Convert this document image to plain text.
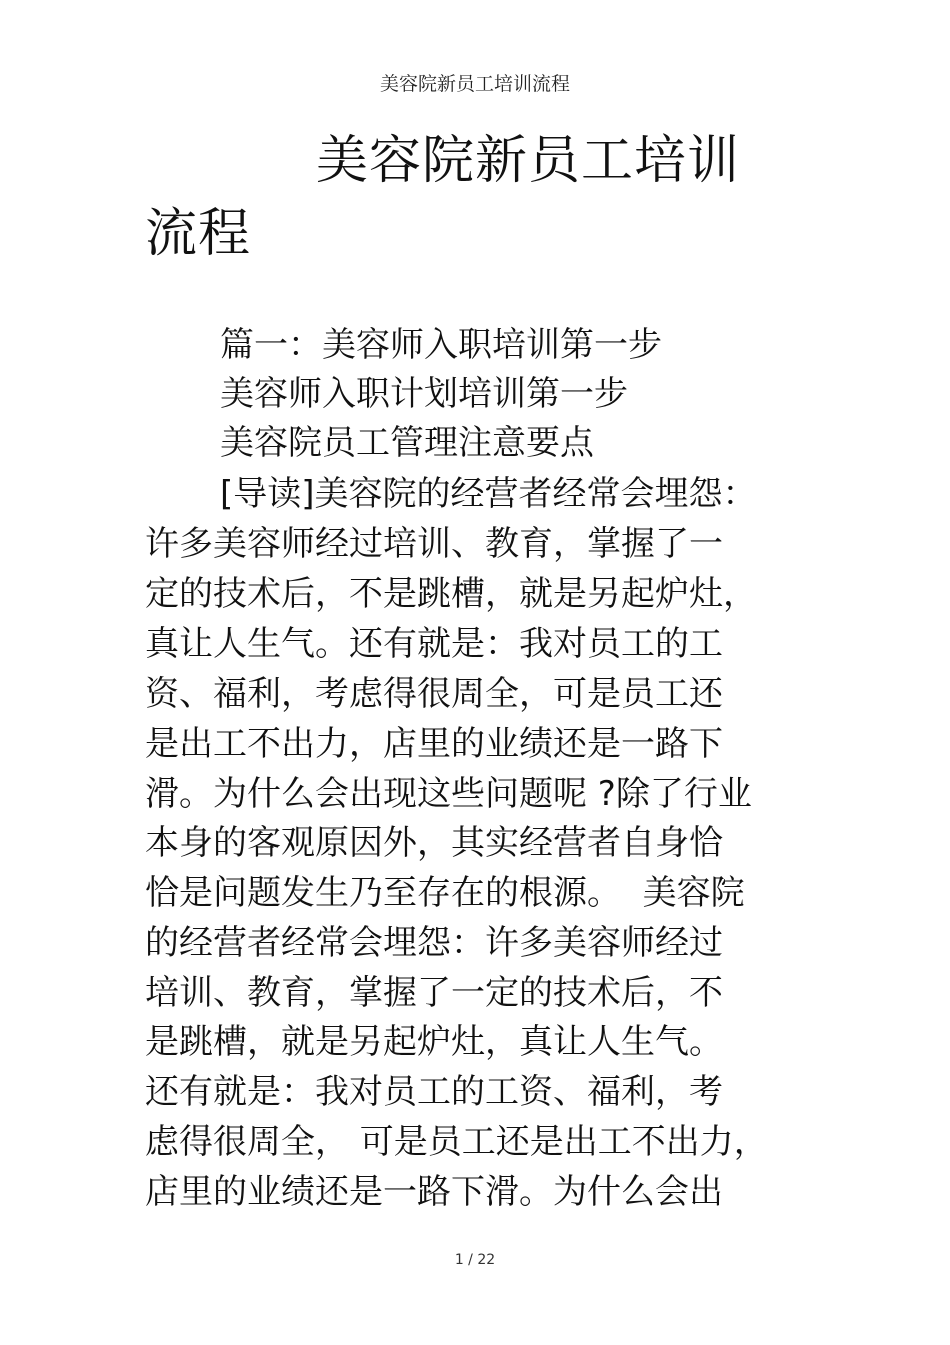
美容院新员工培训流程
美容院新员工培训
流程
篇一：美容师入职培训第一步
美容师入职计划培训第一步
美容院员工管理注意要点
[导读]美容院的经营者经常会埋怨：
许多美容师经过培训、教育，掌握了一
定的技术后，不是跳槽，就是另起炉灶，
真让人生气。还有就是：我对员工的工
资、福利，考虑得很周全，可是员工还
是出工不出力，店里的业绩还是一路下
滑。为什么会出现这些问题呢 ?除了行业
本身的客观原因外，其实经营者自身恰
恰是问题发生乃至存在的根源。  美容院
的经营者经常会埋怨：许多美容师经过
培训、教育，掌握了一定的技术后，不
是跳槽，就是另起炉灶，真让人生气。
还有就是：我对员工的工资、福利，考
虑得很周全， 可是员工还是出工不出力，
店里的业绩还是一路下滑。为什么会出
1 / 22
